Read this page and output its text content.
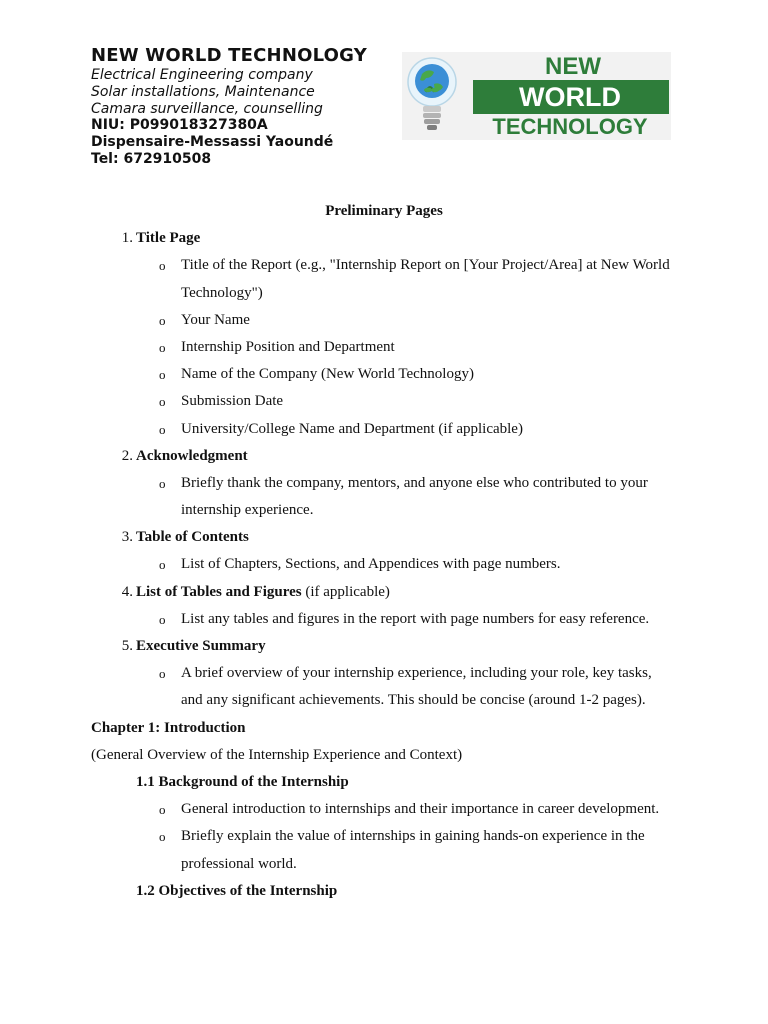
NEW WORLD TECHNOLOGY
Electrical Engineering company
Solar installations, Maintenance
Camara surveillance, counselling
NIU: P099018327380A
Dispensaire-Messassi Yaoundé
Tel: 672910508
NEW
WORLD
TECHNOLOGY
Preliminary Pages
1. Title Page
o Title of the Report (e.g., "Internship Report on [Your Project/Area] at New World
Technology")
o Your Name
o Internship Position and Department
o Name of the Company (New World Technology)
o Submission Date
o University/College Name and Department (if applicable)
2. Acknowledgment
o Briefly thank the company, mentors, and anyone else who contributed to your
internship experience.
3. Table of Contents
o List of Chapters, Sections, and Appendices with page numbers.
4. List of Tables and Figures (if applicable)
o List any tables and figures in the report with page numbers for easy reference.
5. Executive Summary
o A brief overview of your internship experience, including your role, key tasks,
and any significant achievements. This should be concise (around 1-2 pages).
Chapter 1: Introduction
(General Overview of the Internship Experience and Context)
1.1 Background of the Internship
o General introduction to internships and their importance in career development.
o Briefly explain the value of internships in gaining hands-on experience in the
professional world.
1.2 Objectives of the Internship
